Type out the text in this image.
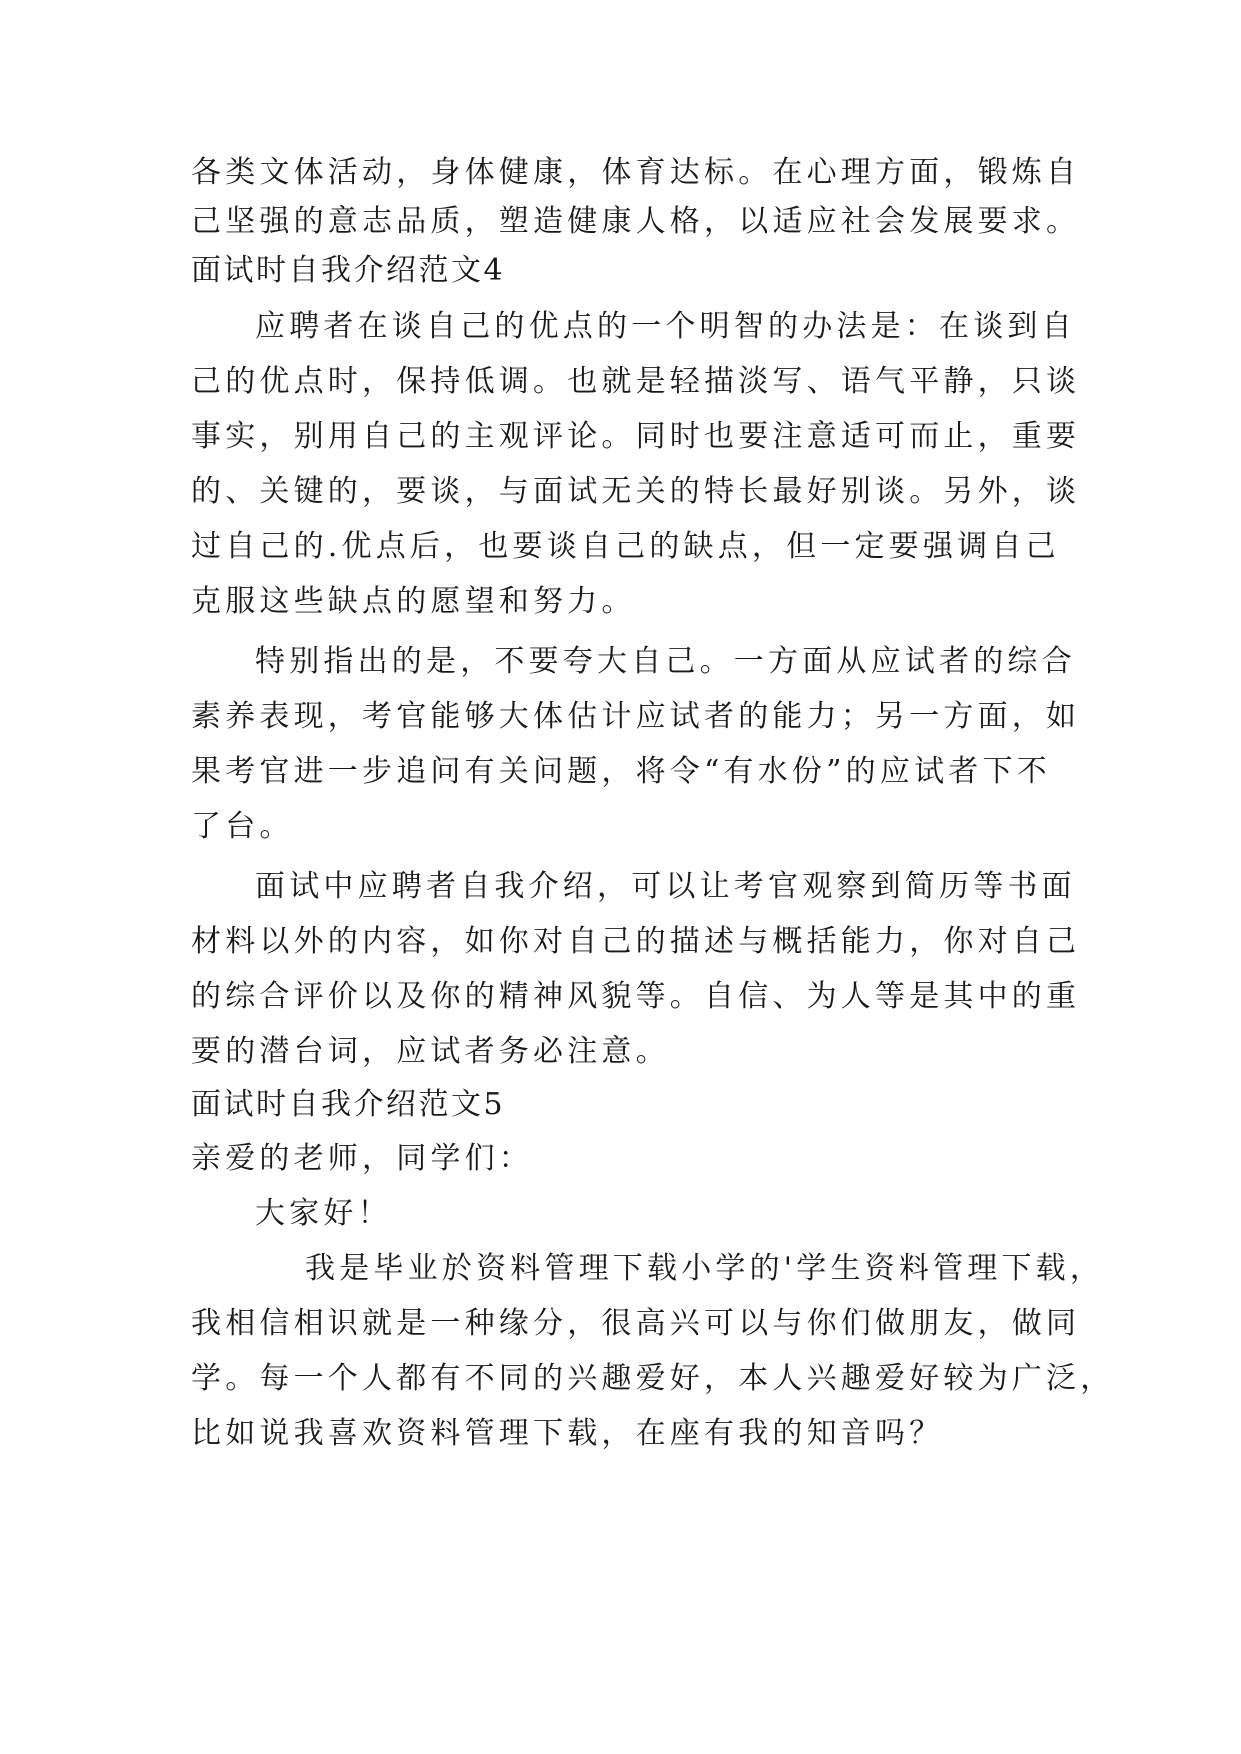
各类文体活动，身体健康，体育达标。在心理方面，锻炼自

己坚强的意志品质，塑造健康人格，以适应社会发展要求。

面试时自我介绍范文4

应聘者在谈自己的优点的一个明智的办法是：在谈到自

己的优点时，保持低调。也就是轻描淡写、语气平静，只谈

事实，别用自己的主观评论。同时也要注意适可而止，重要

的、关键的，要谈，与面试无关的特长最好别谈。另外，谈

过自己的.优点后，也要谈自己的缺点，但一定要强调自己

克服这些缺点的愿望和努力。

特别指出的是，不要夸大自己。一方面从应试者的综合

素养表现，考官能够大体估计应试者的能力；另一方面，如

果考官进一步追问有关问题，将令“有水份”的应试者下不

了台。

面试中应聘者自我介绍，可以让考官观察到简历等书面

材料以外的内容，如你对自己的描述与概括能力，你对自己

的综合评价以及你的精神风貌等。自信、为人等是其中的重

要的潜台词，应试者务必注意。

面试时自我介绍范文5

亲爱的老师，同学们：

大家好！

我是毕业於资料管理下载小学的'学生资料管理下载，

我相信相识就是一种缘分，很高兴可以与你们做朋友，做同

学。每一个人都有不同的兴趣爱好，本人兴趣爱好较为广泛，

比如说我喜欢资料管理下载，在座有我的知音吗？
